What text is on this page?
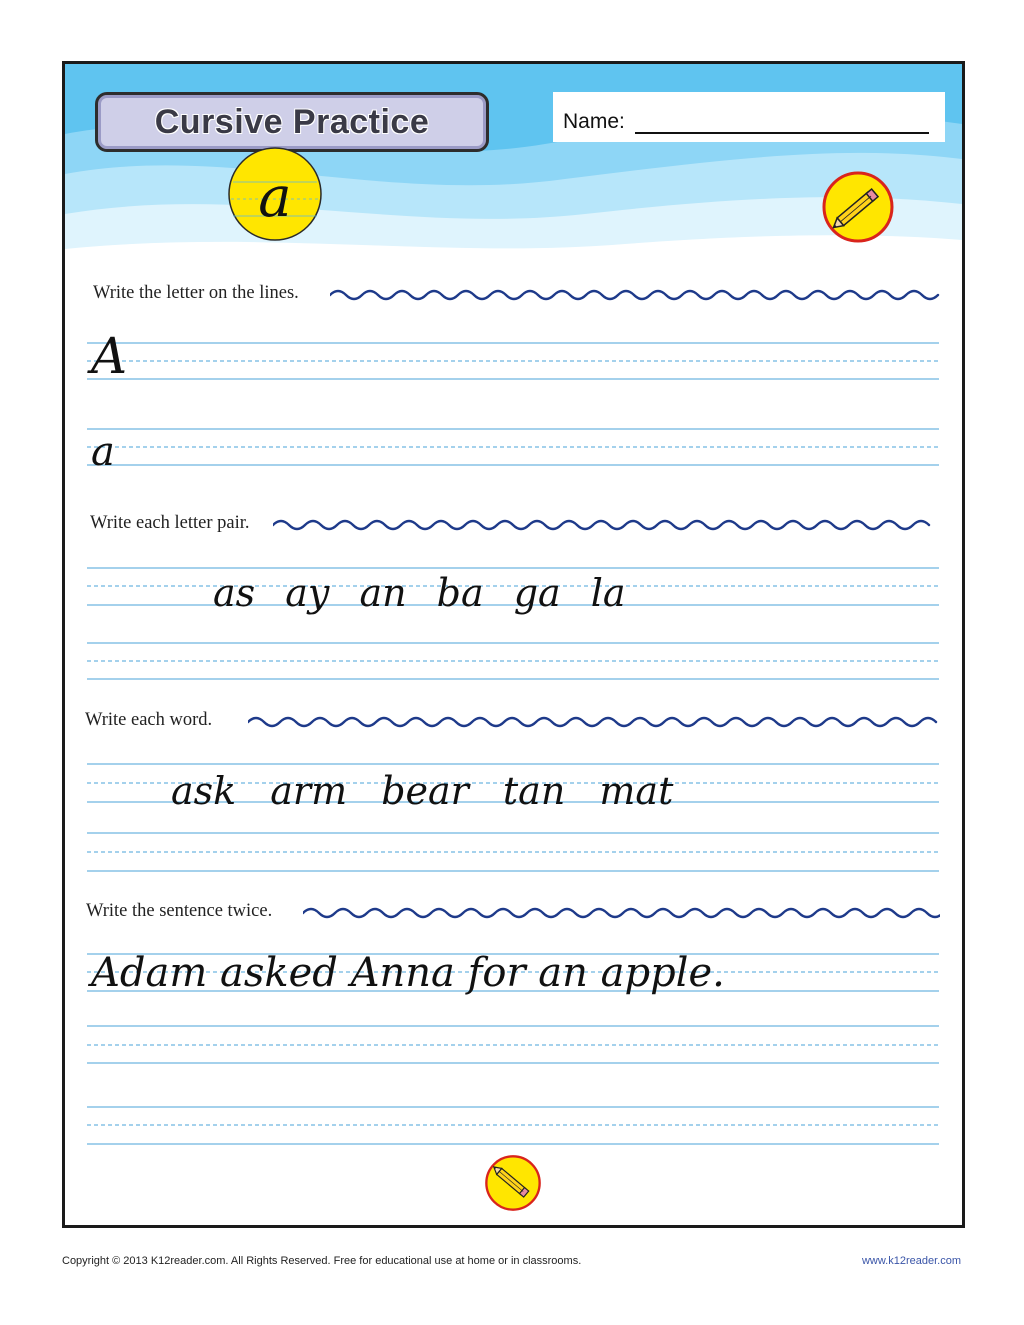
Cursive Practice	Name:
a
Write the letter on the lines.
A
a
Write each letter pair.
as ay an ba ga la
Write each word.
ask arm bear tan mat
Write the sentence twice.
Adam asked Anna for an apple.
Copyright © 2013 K12reader.com. All Rights Reserved. Free for educational use at home or in classrooms.	www.k12reader.com
